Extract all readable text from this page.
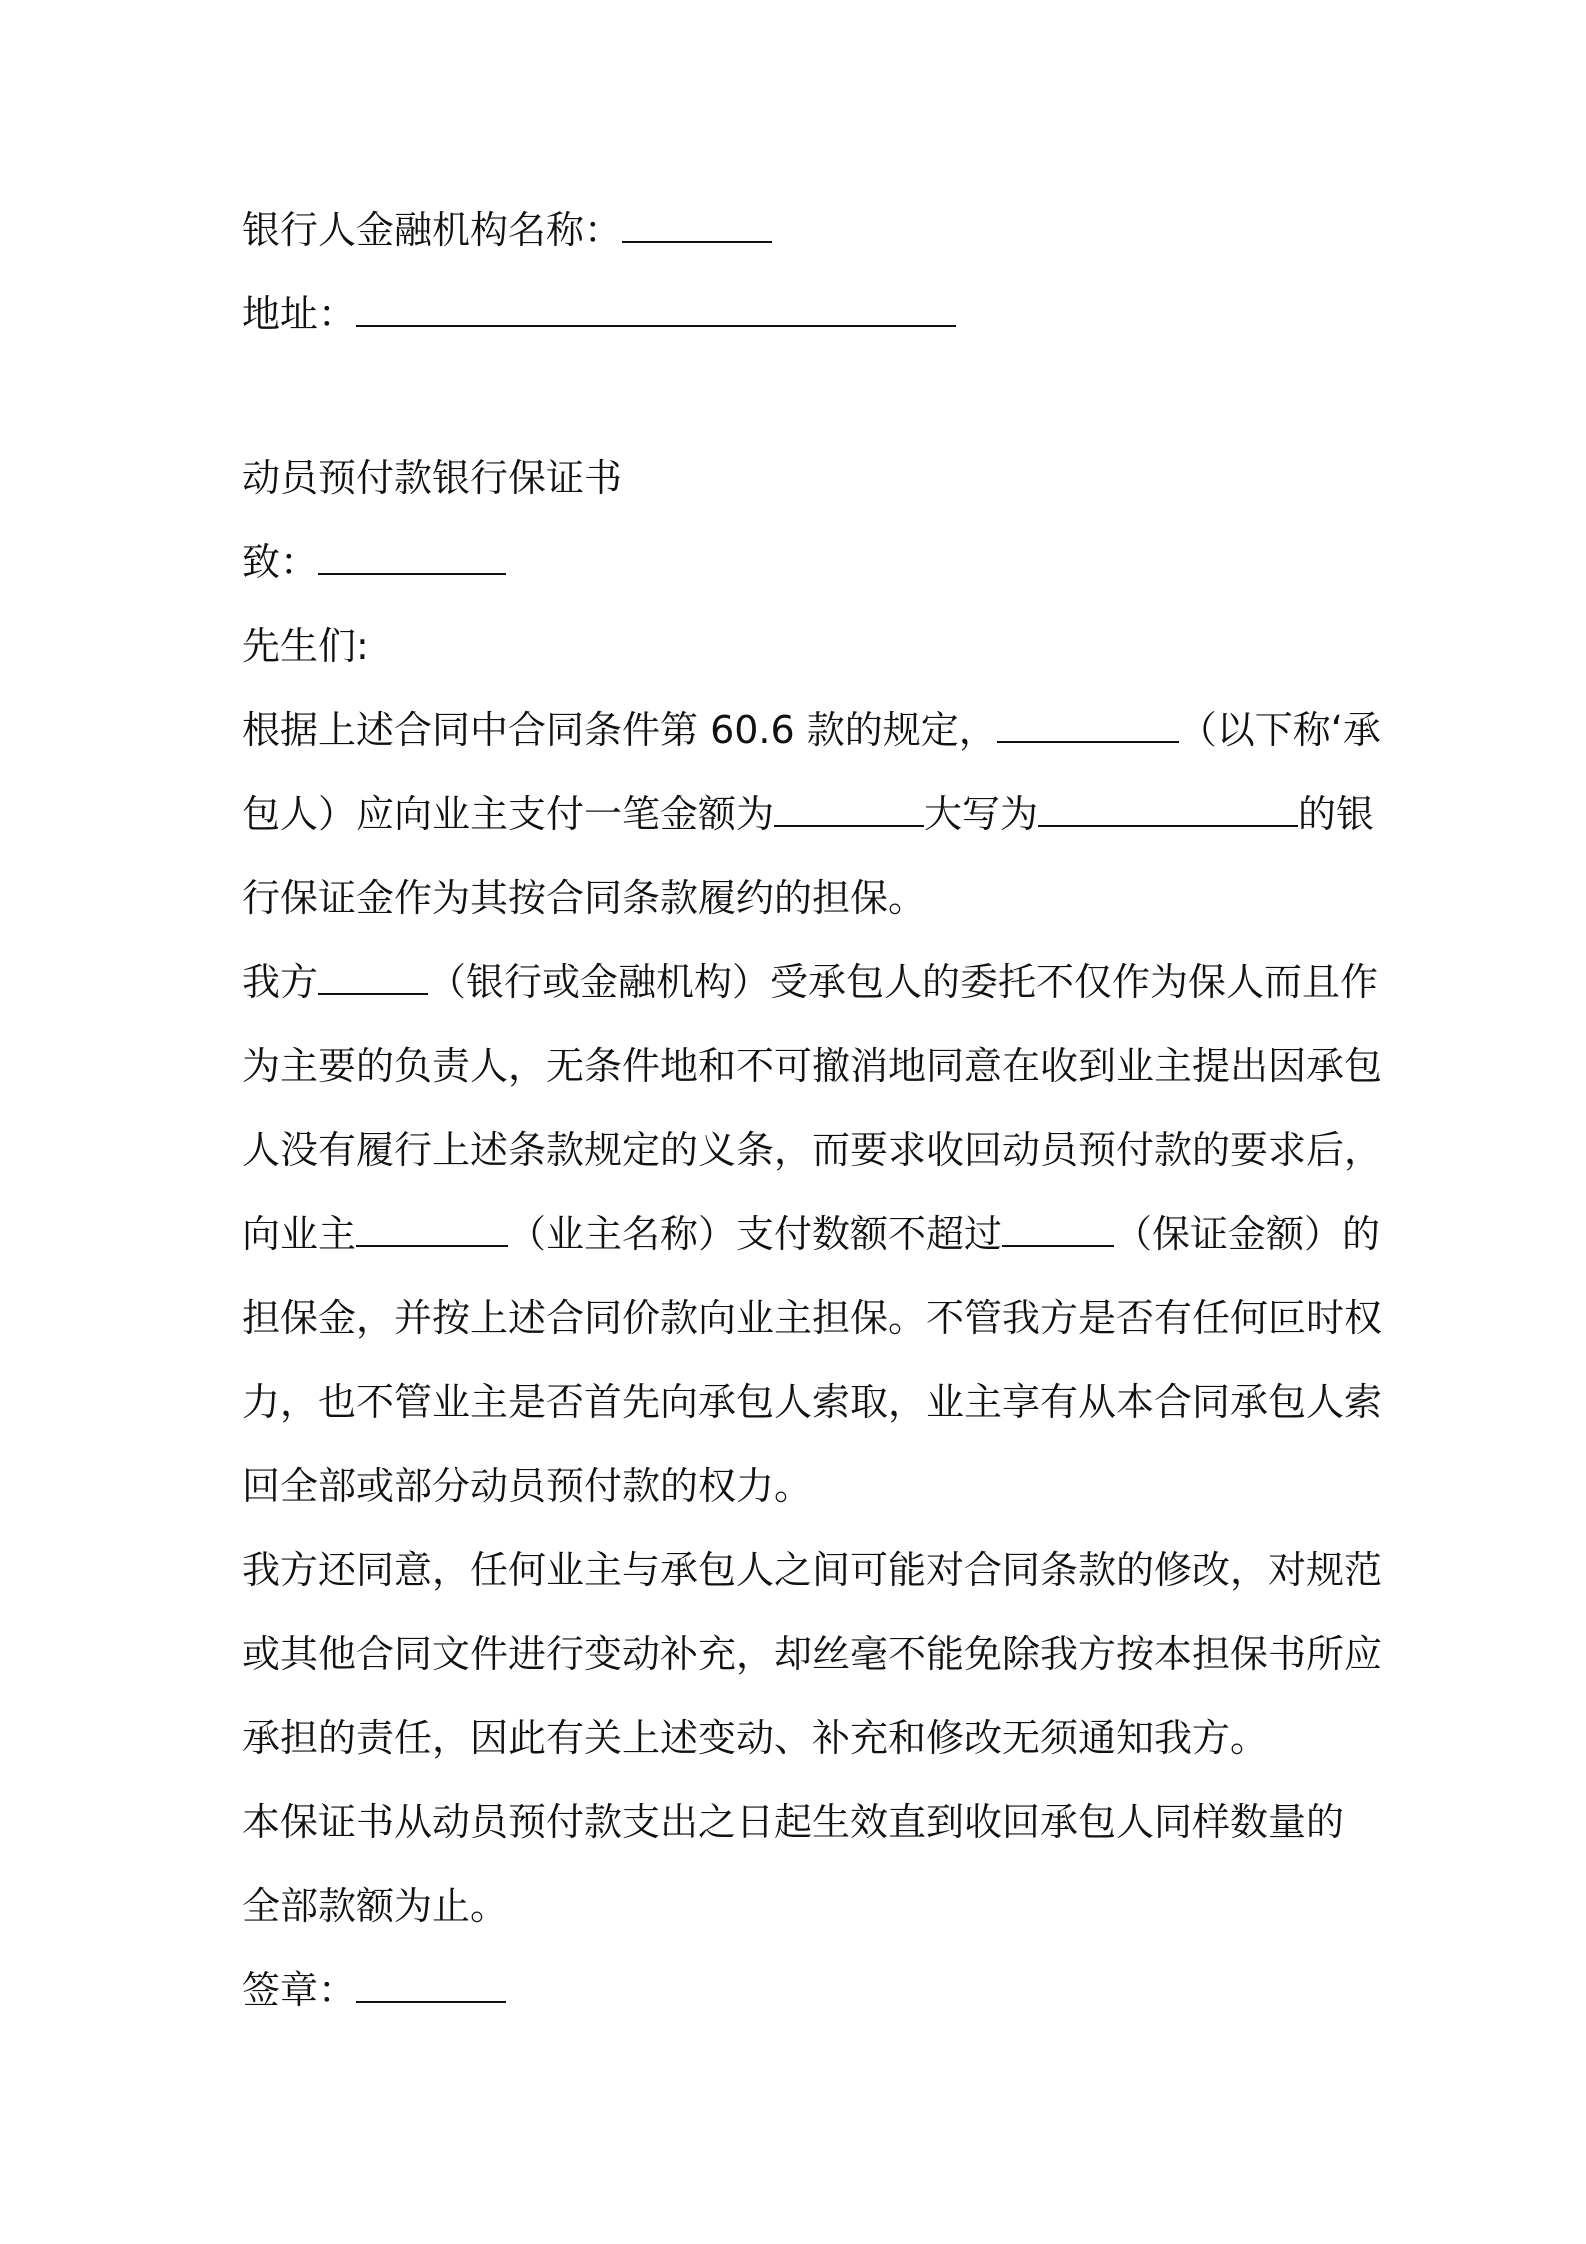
银行人金融机构名称：
地址：
动员预付款银行保证书
致：
先生们:
根据上述合同中合同条件第 60.6 款的规定，	（以下称‘承
包人）应向业主支付一笔金额为	大写为	的银
行保证金作为其按合同条款履约的担保。
我方	（银行或金融机构）受承包人的委托不仅作为保人而且作
为主要的负责人，无条件地和不可撤消地同意在收到业主提出因承包
人没有履行上述条款规定的义条，而要求收回动员预付款的要求后，
向业主	（业主名称）支付数额不超过	（保证金额）的
担保金，并按上述合同价款向业主担保。不管我方是否有任何叵时权
力，也不管业主是否首先向承包人索取，业主享有从本合同承包人索
回全部或部分动员预付款的权力。
我方还同意，任何业主与承包人之间可能对合同条款的修改，对规范
或其他合同文件进行变动补充，却丝毫不能免除我方按本担保书所应
承担的责任，因此有关上述变动、补充和修改无须通知我方。
本保证书从动员预付款支出之日起生效直到收回承包人同样数量的
全部款额为止。
签章：
